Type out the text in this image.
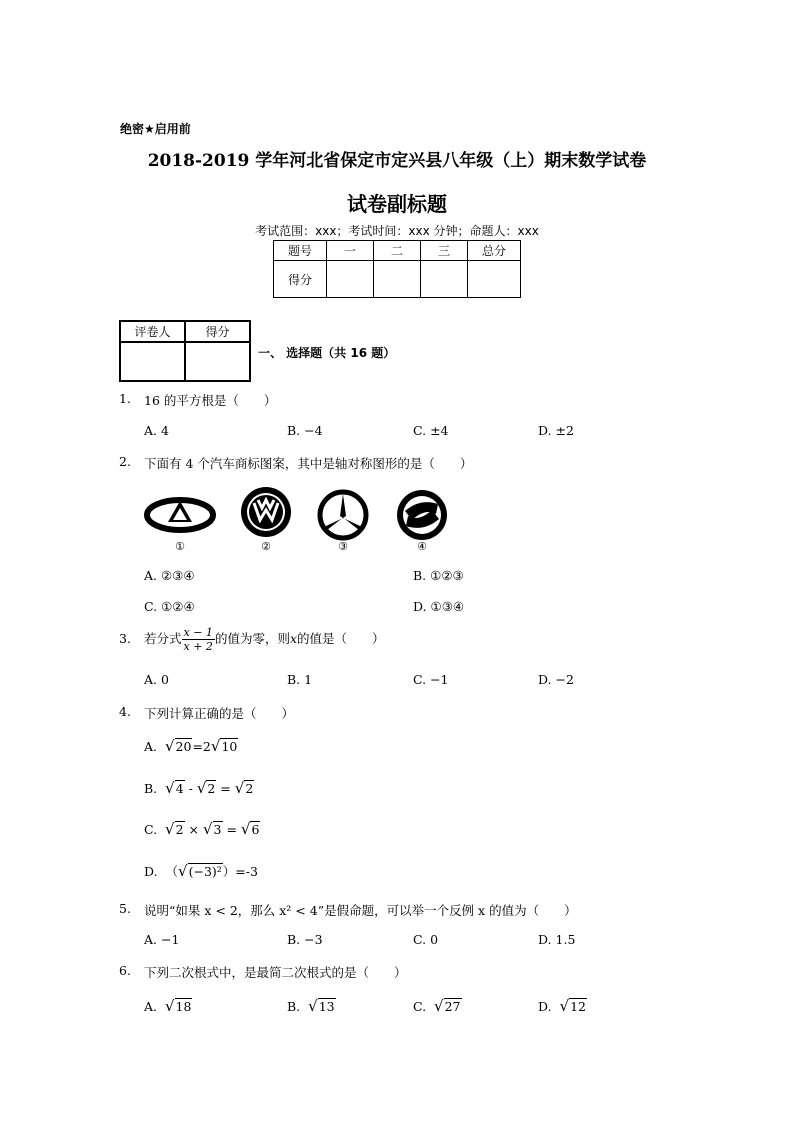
绝密★启用前
2018-2019 学年河北省保定市定兴县八年级（上）期末数学试卷
试卷副标题
考试范围：xxx；考试时间：xxx 分钟；命题人：xxx
题号	一	二	三	总分
得分				
评卷人	得分

一、 选择题（共 16 题）
1. 16 的平方根是（　　）
A. 4	B. −4	C. ±4	D. ±2
2. 下面有 4 个汽车商标图案，其中是轴对称图形的是（　　）
①	②	③	④
A. ②③④	B. ①②③
C. ①②④	D. ①③④
3. 若分式 $\frac{x - 1}{x + 2}$ 的值为零，则x的值是（　　）
A. 0	B. 1	C. −1	D. −2
4. 下列计算正确的是（　　）
A. √20=2√10
B. √4 - √2 = √2
C. √2 × √3 = √6
D. （√(−3)²）=-3
5. 说明“如果 x < 2，那么 x² < 4”是假命题，可以举一个反例 x 的值为（　　）
A. −1	B. −3	C. 0	D. 1.5
6. 下列二次根式中，是最简二次根式的是（　　）
A. √18	B. √13	C. √27	D. √12
